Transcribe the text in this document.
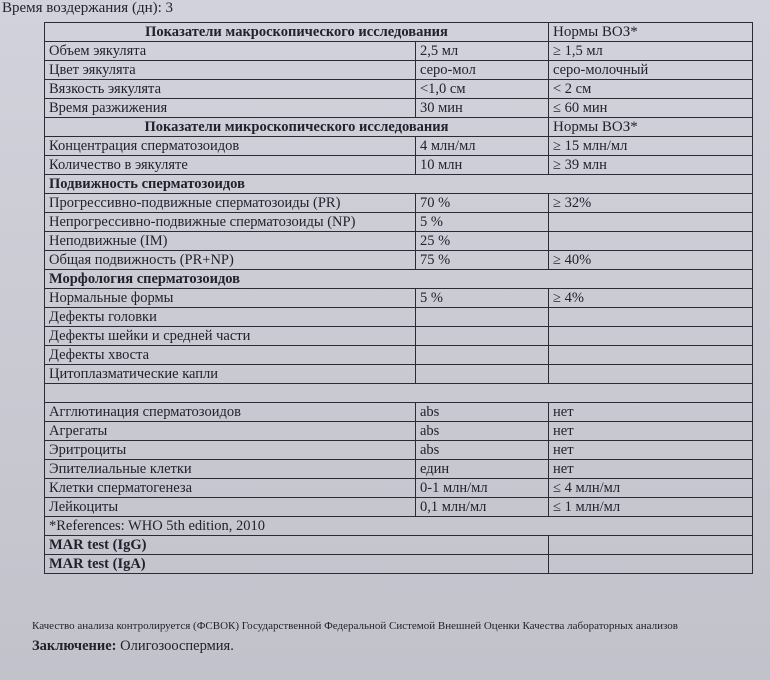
Время воздержания (дн): 3
Показатели макроскопического исследования		Нормы ВОЗ*
Объем эякулята	2,5 мл	≥ 1,5 мл
Цвет эякулята	серо-мол	серо-молочный
Вязкость эякулята	<1,0 см	< 2 см
Время разжижения	30 мин	≤ 60 мин
Показатели микроскопического исследования		Нормы ВОЗ*
Концентрация сперматозоидов	4 млн/мл	≥ 15 млн/мл
Количество в эякуляте	10 млн	≥ 39 млн
Подвижность сперматозоидов		
Прогрессивно-подвижные сперматозоиды (PR)	70 %	≥ 32%
Непрогрессивно-подвижные сперматозоиды (NP)	5 %	
Неподвижные (IM)	25 %	
Общая подвижность (PR+NP)	75 %	≥ 40%
Морфология сперматозоидов		
Нормальные формы	5 %	≥ 4%
Дефекты головки		
Дефекты шейки и средней части		
Дефекты хвоста		
Цитоплазматические капли		

Агглютинация сперматозоидов	abs	нет
Агрегаты	abs	нет
Эритроциты	abs	нет
Эпителиальные клетки	един	нет
Клетки сперматогенеза	0-1 млн/мл	≤ 4 млн/мл
Лейкоциты	0,1 млн/мл	≤ 1 млн/мл
*References: WHO 5th edition, 2010		
MAR test (IgG)		
MAR test (IgA)		
Качество анализа контролируется (ФСВОК) Государственной Федеральной Системой Внешней Оценки Качества лабораторных анализов
Заключение: Олигозооспермия.
